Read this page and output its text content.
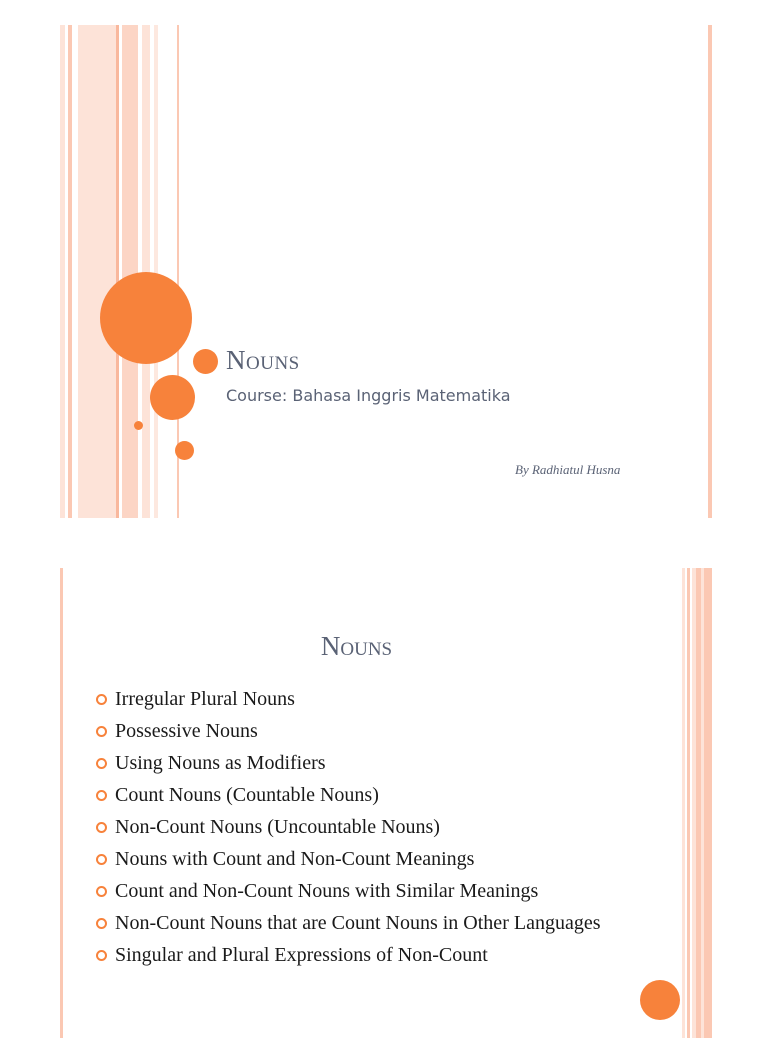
Nouns
Course: Bahasa Inggris Matematika
By Radhiatul Husna
Nouns
Irregular Plural Nouns
Possessive Nouns
Using Nouns as Modifiers
Count Nouns (Countable Nouns)
Non-Count Nouns (Uncountable Nouns)
Nouns with Count and Non-Count Meanings
Count and Non-Count Nouns with Similar Meanings
Non-Count Nouns that are Count Nouns in Other Languages
Singular and Plural Expressions of Non-Count
